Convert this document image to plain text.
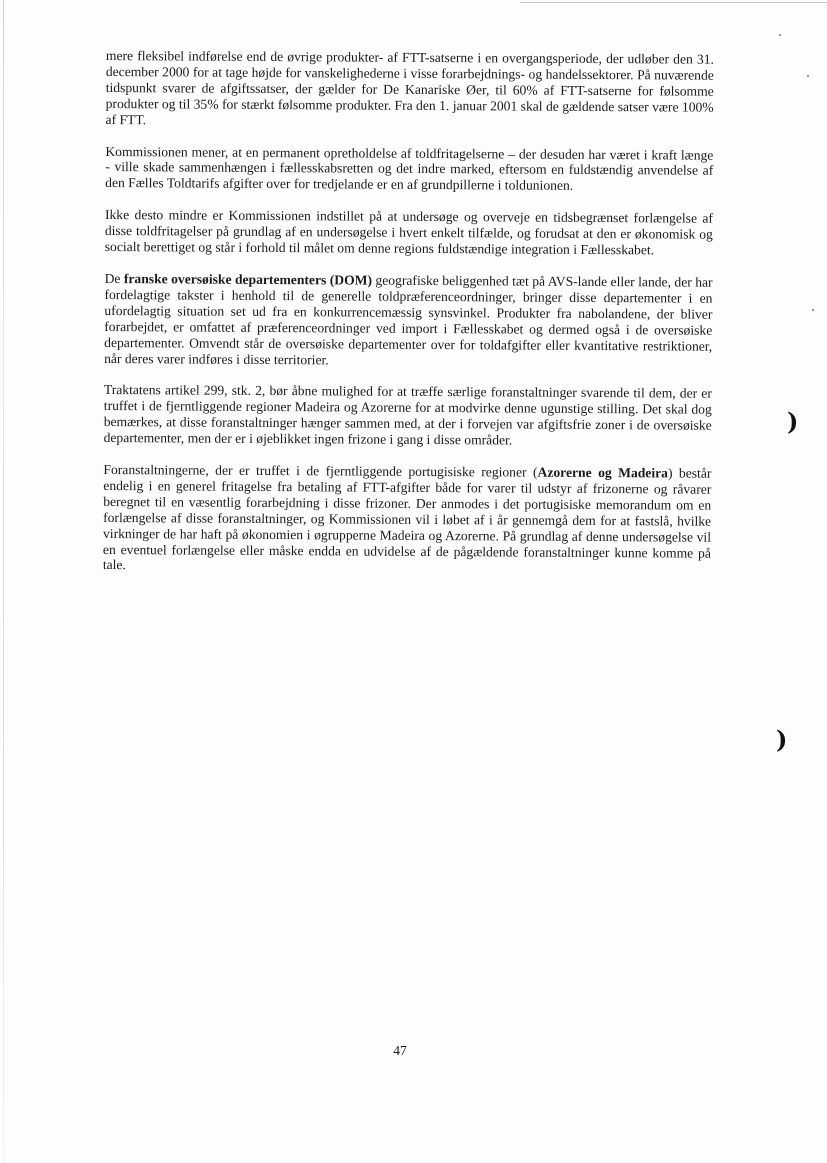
mere fleksibel indførelse end de øvrige produkter- af FTT-satserne i en overgangsperiode, der udløber den 31. december 2000 for at tage højde for vanskelighederne i visse forarbejdnings- og handelssektorer. På nuværende tidspunkt svarer de afgiftssatser, der gælder for De Kanariske Øer, til 60% af FTT-satserne for følsomme produkter og til 35% for stærkt følsomme produkter. Fra den 1. januar 2001 skal de gældende satser være 100% af FTT.

Kommissionen mener, at en permanent opretholdelse af toldfritagelserne – der desuden har været i kraft længe - ville skade sammenhængen i fællesskabsretten og det indre marked, eftersom en fuldstændig anvendelse af den Fælles Toldtarifs afgifter over for tredjelande er en af grundpillerne i toldunionen.

Ikke desto mindre er Kommissionen indstillet på at undersøge og overveje en tidsbegrænset forlængelse af disse toldfritagelser på grundlag af en undersøgelse i hvert enkelt tilfælde, og forudsat at den er økonomisk og socialt berettiget og står i forhold til målet om denne regions fuldstændige integration i Fællesskabet.

De franske oversøiske departementers (DOM) geografiske beliggenhed tæt på AVS-lande eller lande, der har fordelagtige takster i henhold til de generelle toldpræferenceordninger, bringer disse departementer i en ufordelagtig situation set ud fra en konkurrencemæssig synsvinkel. Produkter fra nabolandene, der bliver forarbejdet, er omfattet af præferenceordninger ved import i Fællesskabet og dermed også i de oversøiske departementer. Omvendt står de oversøiske departementer over for toldafgifter eller kvantitative restriktioner, når deres varer indføres i disse territorier.

Traktatens artikel 299, stk. 2, bør åbne mulighed for at træffe særlige foranstaltninger svarende til dem, der er truffet i de fjerntliggende regioner Madeira og Azorerne for at modvirke denne ugunstige stilling. Det skal dog bemærkes, at disse foranstaltninger hænger sammen med, at der i forvejen var afgiftsfrie zoner i de oversøiske departementer, men der er i øjeblikket ingen frizone i gang i disse områder.

Foranstaltningerne, der er truffet i de fjerntliggende portugisiske regioner (Azorerne og Madeira) består endelig i en generel fritagelse fra betaling af FTT-afgifter både for varer til udstyr af frizonerne og råvarer beregnet til en væsentlig forarbejdning i disse frizoner. Der anmodes i det portugisiske memorandum om en forlængelse af disse foranstaltninger, og Kommissionen vil i løbet af i år gennemgå dem for at fastslå, hvilke virkninger de har haft på økonomien i øgrupperne Madeira og Azorerne. På grundlag af denne undersøgelse vil en eventuel forlængelse eller måske endda en udvidelse af de pågældende foranstaltninger kunne komme på tale.

47
)
)
